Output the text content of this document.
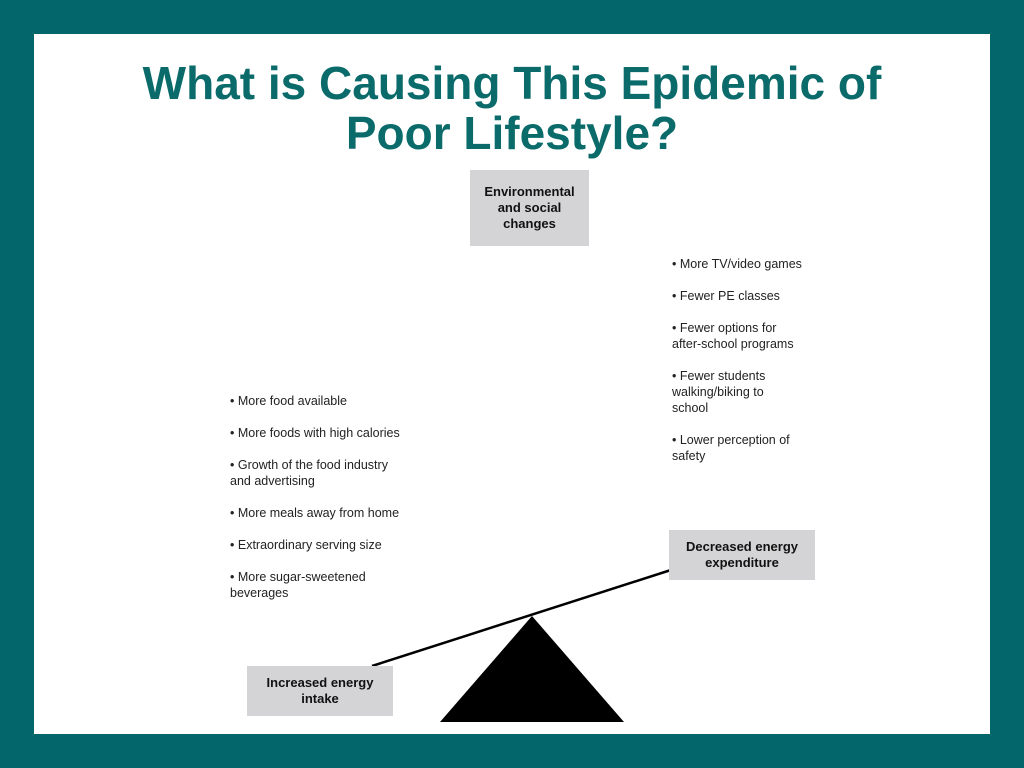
What is Causing This Epidemic of
Poor Lifestyle?
Environmental
and social
changes
• More TV/video games
• Fewer PE classes
• Fewer options for
after-school programs
• Fewer students
walking/biking to
school
• Lower perception of
safety
• More food available
• More foods with high calories
• Growth of the food industry
and advertising
• More meals away from home
• Extraordinary serving size
• More sugar-sweetened
beverages
Decreased energy
expenditure
Increased energy
intake
